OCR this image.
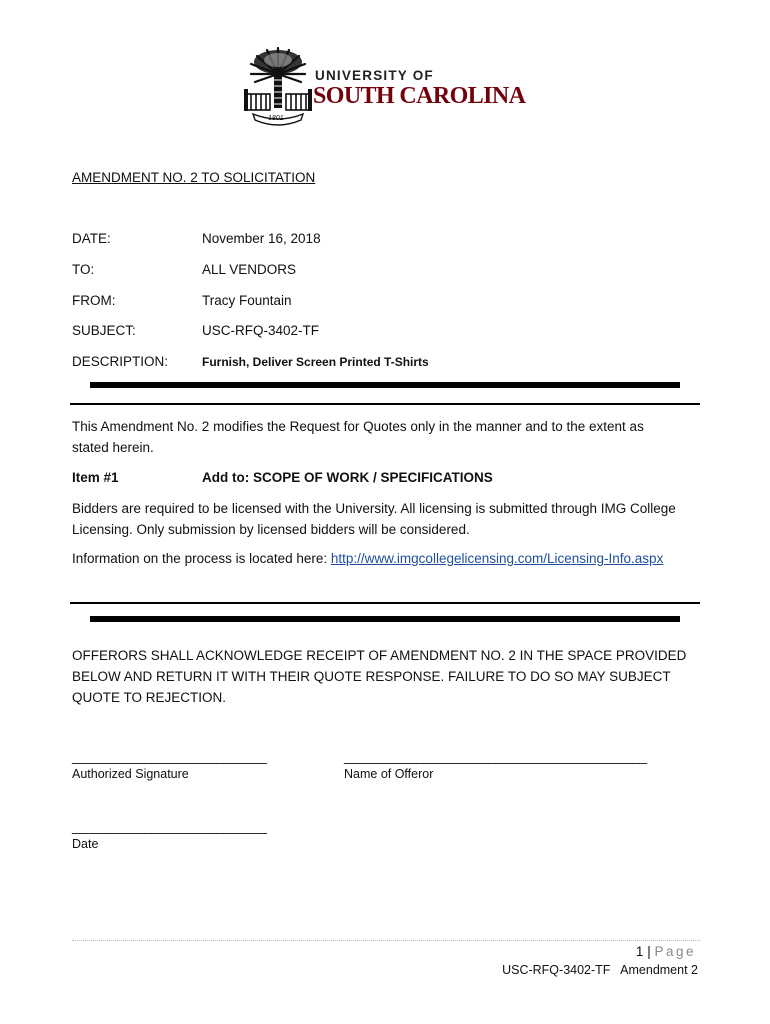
1801
UNIVERSITY OF
SOUTH CAROLINA
AMENDMENT NO. 2 TO SOLICITATION
DATE:	November 16, 2018
TO:	ALL VENDORS
FROM:	Tracy Fountain
SUBJECT:	USC-RFQ-3402-TF
DESCRIPTION:	Furnish, Deliver Screen Printed T-Shirts
This Amendment No. 2 modifies the Request for Quotes only in the manner and to the extent as stated herein.
Item #1	Add to: SCOPE OF WORK / SPECIFICATIONS
Bidders are required to be licensed with the University. All licensing is submitted through IMG College Licensing. Only submission by licensed bidders will be considered.
Information on the process is located here: http://www.imgcollegelicensing.com/Licensing-Info.aspx
OFFERORS SHALL ACKNOWLEDGE RECEIPT OF AMENDMENT NO. 2 IN THE SPACE PROVIDED BELOW AND RETURN IT WITH THEIR QUOTE RESPONSE. FAILURE TO DO SO MAY SUBJECT QUOTE TO REJECTION.
___________________________
Authorized Signature
__________________________________________
Name of Offeror
___________________________
Date
1 | Page
USC-RFQ-3402-TF   Amendment 2
